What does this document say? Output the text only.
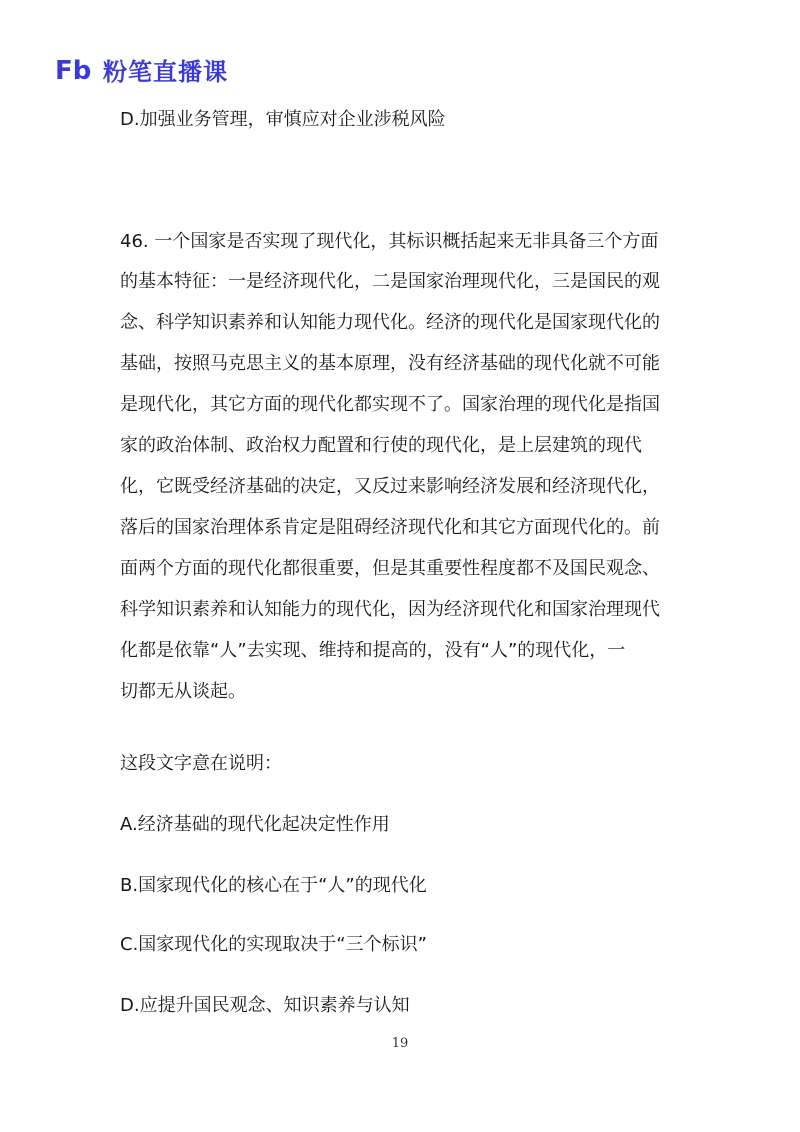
Fb 粉笔直播课
D.加强业务管理，审慎应对企业涉税风险
46. 一个国家是否实现了现代化，其标识概括起来无非具备三个方面
的基本特征：一是经济现代化，二是国家治理现代化，三是国民的观
念、科学知识素养和认知能力现代化。经济的现代化是国家现代化的
基础，按照马克思主义的基本原理，没有经济基础的现代化就不可能
是现代化，其它方面的现代化都实现不了。国家治理的现代化是指国
家的政治体制、政治权力配置和行使的现代化，是上层建筑的现代
化，它既受经济基础的决定，又反过来影响经济发展和经济现代化，
落后的国家治理体系肯定是阻碍经济现代化和其它方面现代化的。前
面两个方面的现代化都很重要，但是其重要性程度都不及国民观念、
科学知识素养和认知能力的现代化，因为经济现代化和国家治理现代
化都是依靠“人”去实现、维持和提高的，没有“人”的现代化，一
切都无从谈起。
这段文字意在说明：
A.经济基础的现代化起决定性作用
B.国家现代化的核心在于“人”的现代化
C.国家现代化的实现取决于“三个标识”
D.应提升国民观念、知识素养与认知
19
